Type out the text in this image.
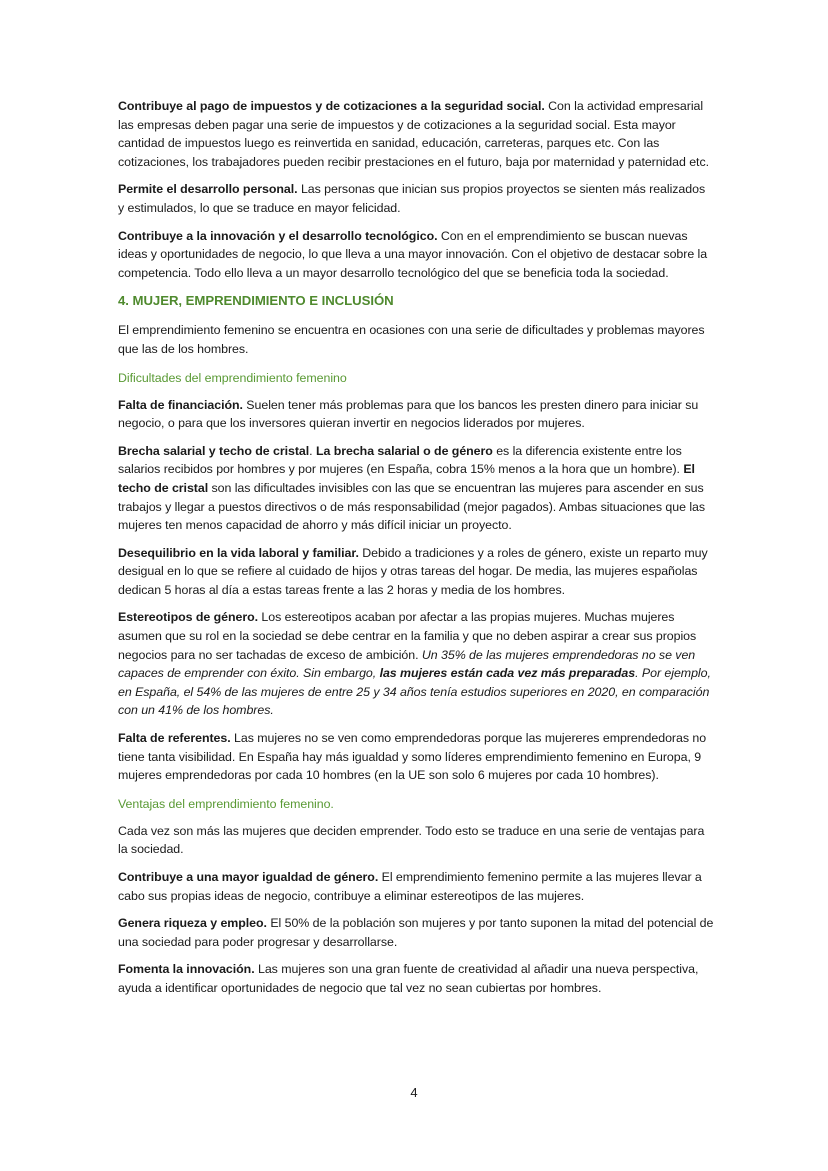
Contribuye al pago de impuestos y de cotizaciones a la seguridad social. Con la actividad empresarial las empresas deben pagar una serie de impuestos y de cotizaciones a la seguridad social. Esta mayor cantidad de impuestos luego es reinvertida en sanidad, educación, carreteras, parques etc. Con las cotizaciones, los trabajadores pueden recibir prestaciones en el futuro, baja por maternidad y paternidad etc.

Permite el desarrollo personal. Las personas que inician sus propios proyectos se sienten más realizados y estimulados, lo que se traduce en mayor felicidad.

Contribuye a la innovación y el desarrollo tecnológico. Con en el emprendimiento se buscan nuevas ideas y oportunidades de negocio, lo que lleva a una mayor innovación. Con el objetivo de destacar sobre la competencia. Todo ello lleva a un mayor desarrollo tecnológico del que se beneficia toda la sociedad.

4. MUJER, EMPRENDIMIENTO E INCLUSIÓN

El emprendimiento femenino se encuentra en ocasiones con una serie de dificultades y problemas mayores que las de los hombres.

Dificultades del emprendimiento femenino

Falta de financiación. Suelen tener más problemas para que los bancos les presten dinero para iniciar su negocio, o para que los inversores quieran invertir en negocios liderados por mujeres.

Brecha salarial y techo de cristal. La brecha salarial o de género es la diferencia existente entre los salarios recibidos por hombres y por mujeres (en España, cobra 15% menos a la hora que un hombre). El techo de cristal son las dificultades invisibles con las que se encuentran las mujeres para ascender en sus trabajos y llegar a puestos directivos o de más responsabilidad (mejor pagados). Ambas situaciones que las mujeres ten menos capacidad de ahorro y más difícil iniciar un proyecto.

Desequilibrio en la vida laboral y familiar. Debido a tradiciones y a roles de género, existe un reparto muy desigual en lo que se refiere al cuidado de hijos y otras tareas del hogar. De media, las mujeres españolas dedican 5 horas al día a estas tareas frente a las 2 horas y media de los hombres.

Estereotipos de género. Los estereotipos acaban por afectar a las propias mujeres. Muchas mujeres asumen que su rol en la sociedad se debe centrar en la familia y que no deben aspirar a crear sus propios negocios para no ser tachadas de exceso de ambición. Un 35% de las mujeres emprendedoras no se ven capaces de emprender con éxito. Sin embargo, las mujeres están cada vez más preparadas. Por ejemplo, en España, el 54% de las mujeres de entre 25 y 34 años tenía estudios superiores en 2020, en comparación con un 41% de los hombres.

Falta de referentes. Las mujeres no se ven como emprendedoras porque las mujereres emprendedoras no tiene tanta visibilidad. En España hay más igualdad y somo líderes emprendimiento femenino en Europa, 9 mujeres emprendedoras por cada 10 hombres (en la UE son solo 6 mujeres por cada 10 hombres).

Ventajas del emprendimiento femenino.

Cada vez son más las mujeres que deciden emprender. Todo esto se traduce en una serie de ventajas para la sociedad.

Contribuye a una mayor igualdad de género. El emprendimiento femenino permite a las mujeres llevar a cabo sus propias ideas de negocio, contribuye a eliminar estereotipos de las mujeres.

Genera riqueza y empleo. El 50% de la población son mujeres y por tanto suponen la mitad del potencial de una sociedad para poder progresar y desarrollarse.

Fomenta la innovación. Las mujeres son una gran fuente de creatividad al añadir una nueva perspectiva, ayuda a identificar oportunidades de negocio que tal vez no sean cubiertas por hombres.

4
